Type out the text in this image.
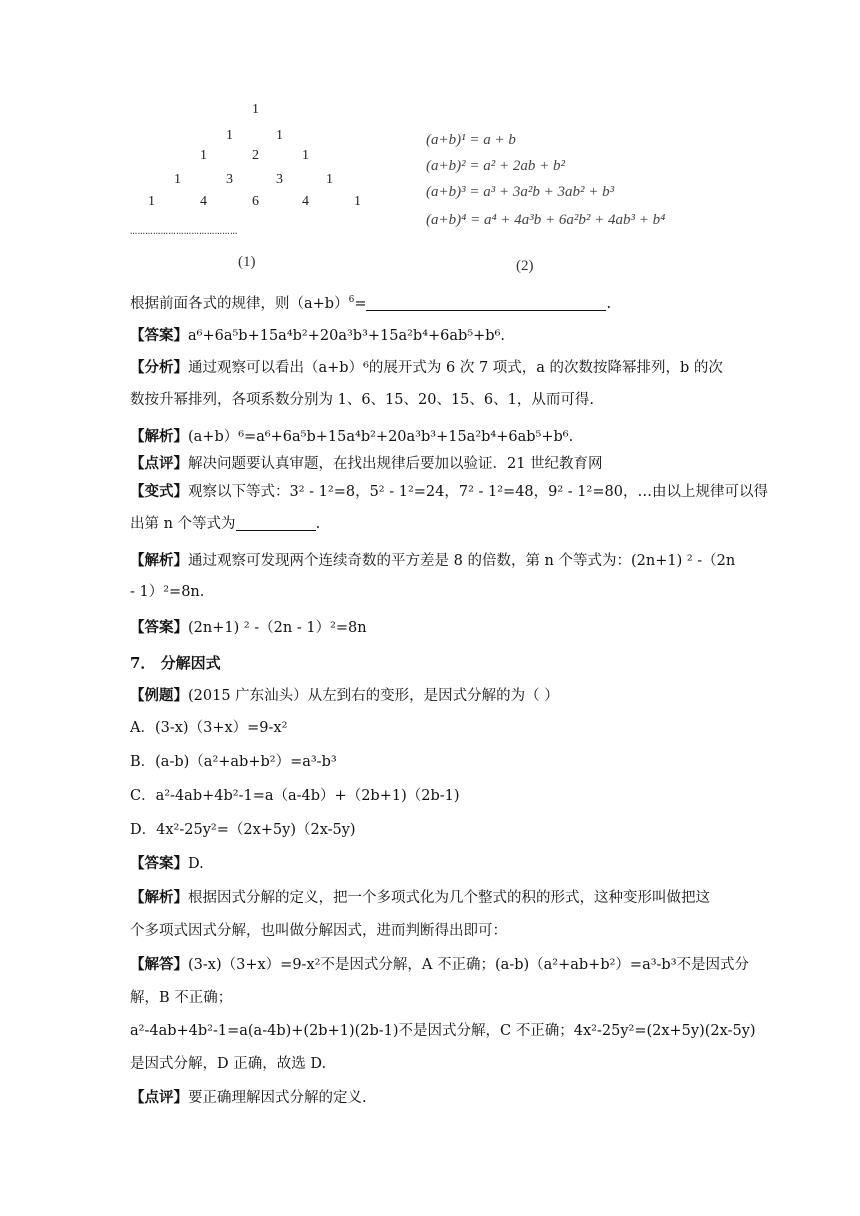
1
1	1
1	2	1
1	3	3	1
1	4	6	4	1
……………………………………
(1)
(a+b)¹ = a + b
(a+b)² = a² + 2ab + b²
(a+b)³ = a³ + 3a²b + 3ab² + b³
(a+b)⁴ = a⁴ + 4a³b + 6a²b² + 4ab³ + b⁴
(2)
根据前面各式的规律，则$(a+b)^6=$	.
【答案】a⁶+6a⁵b+15a⁴b²+20a³b³+15a²b⁴+6ab⁵+b⁶.
【分析】通过观察可以看出（a+b）⁶的展开式为 6 次 7 项式，a 的次数按降幂排列，b 的次
数按升幂排列，各项系数分别为 1、6、15、20、15、6、1，从而可得.
【解析】(a+b）⁶=a⁶+6a⁵b+15a⁴b²+20a³b³+15a²b⁴+6ab⁵+b⁶.
【点评】解决问题要认真审题，在找出规律后要加以验证．21 世纪教育网
【变式】观察以下等式：3² - 1²=8，5² - 1²=24，7² - 1²=48，9² - 1²=80，…由以上规律可以得
出第 n 个等式为	.
【解析】通过观察可发现两个连续奇数的平方差是 8 的倍数，第 n 个等式为：(2n+1) ² -（2n
- 1）²=8n.
【答案】(2n+1) ² -（2n - 1）²=8n
7． 分解因式
【例题】(2015 广东汕头）从左到右的变形，是因式分解的为（ ）
A．(3-x)（3+x）=9-x²
B．(a-b)（a²+ab+b²）=a³-b³
C．a²-4ab+4b²-1=a（a-4b）+（2b+1)（2b-1)
D．4x²-25y²=（2x+5y)（2x-5y)
【答案】D.
【解析】根据因式分解的定义，把一个多项式化为几个整式的积的形式，这种变形叫做把这
个多项式因式分解，也叫做分解因式，进而判断得出即可：
【解答】(3-x)（3+x）=9-x²不是因式分解，A 不正确；(a-b)（a²+ab+b²）=a³-b³不是因式分
解，B 不正确；
a²-4ab+4b²-1=a(a-4b)+(2b+1)(2b-1)不是因式分解，C 不正确；4x²-25y²=(2x+5y)(2x-5y)
是因式分解，D 正确，故选 D.
【点评】要正确理解因式分解的定义.
